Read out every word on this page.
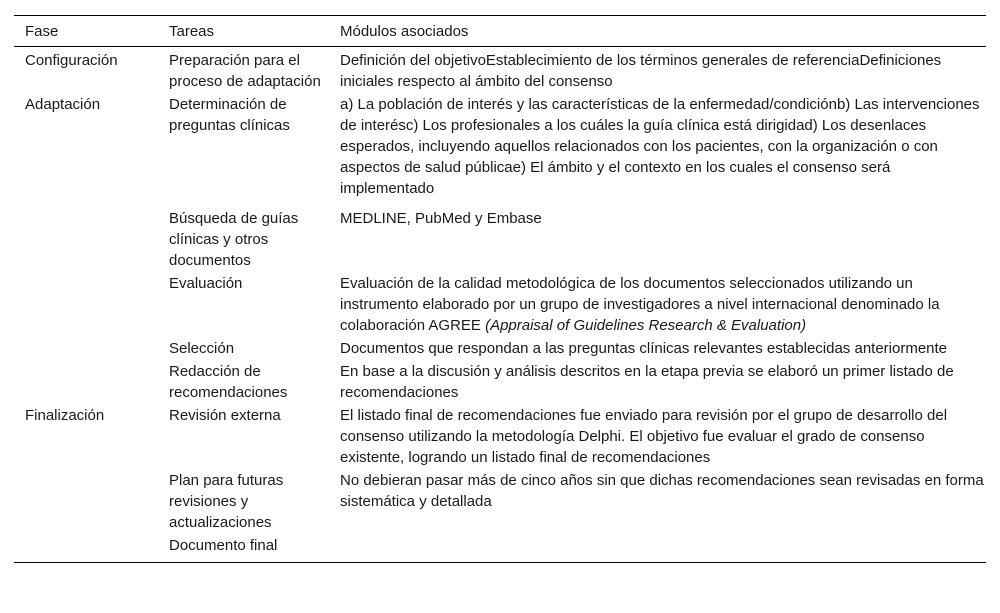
Fase	Tareas	Módulos asociados
Configuración	Preparación para el proceso de adaptación	Definición del objetivoEstablecimiento de los términos generales de referenciaDefiniciones iniciales respecto al ámbito del consenso
Adaptación	Determinación de preguntas clínicas	a) La población de interés y las características de la enfermedad/condiciónb) Las intervenciones de interésc) Los profesionales a los cuáles la guía clínica está dirigidad) Los desenlaces esperados, incluyendo aquellos relacionados con los pacientes, con la organización o con aspectos de salud públicae) El ámbito y el contexto en los cuales el consenso será implementado
	Búsqueda de guías clínicas y otros documentos	MEDLINE, PubMed y Embase
	Evaluación	Evaluación de la calidad metodológica de los documentos seleccionados utilizando un instrumento elaborado por un grupo de investigadores a nivel internacional denominado la colaboración AGREE (Appraisal of Guidelines Research & Evaluation)
	Selección	Documentos que respondan a las preguntas clínicas relevantes establecidas anteriormente
	Redacción de recomendaciones	En base a la discusión y análisis descritos en la etapa previa se elaboró un primer listado de recomendaciones
Finalización	Revisión externa	El listado final de recomendaciones fue enviado para revisión por el grupo de desarrollo del consenso utilizando la metodología Delphi. El objetivo fue evaluar el grado de consenso existente, logrando un listado final de recomendaciones
	Plan para futuras revisiones y actualizaciones	No debieran pasar más de cinco años sin que dichas recomendaciones sean revisadas en forma sistemática y detallada
	Documento final	
